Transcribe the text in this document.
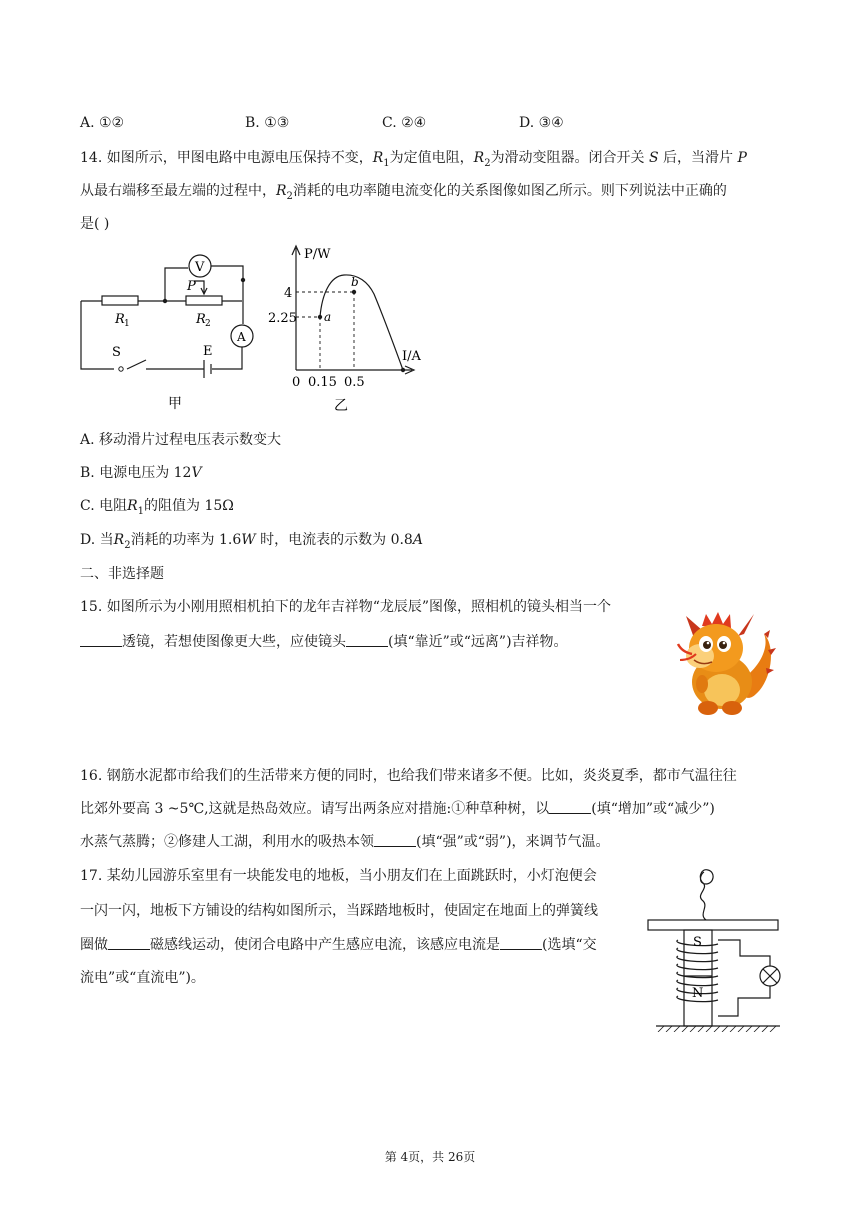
A. ①②	B. ①③	C. ②④	D. ③④
14. 如图所示，甲图电路中电源电压保持不变，$R_1$为定值电阻，$R_2$为滑动变阻器。闭合开关 S 后，当滑片 P
从最右端移至最左端的过程中，$R_2$消耗的电功率随电流变化的关系图像如图乙所示。则下列说法中正确的
是( )
V
A
P
R 1	R 2
S	E
甲
P/W
I/A
4
2.25
0 0.15 0.5
a
b
乙
A. 移动滑片过程电压表示数变大
B. 电源电压为 12V
C. 电阻$R_1$的阻值为 15Ω
D. 当$R_2$消耗的功率为 1.6W 时，电流表的示数为 0.8A
二、非选择题
15. 如图所示为小刚用照相机拍下的龙年吉祥物“龙辰辰”图像，照相机的镜头相当一个
透镜，若想使图像更大些，应使镜头	(填“靠近”或“远离”)吉祥物。
16. 钢筋水泥都市给我们的生活带来方便的同时，也给我们带来诸多不便。比如，炎炎夏季，都市气温往往
比郊外要高 3 ~5℃,这就是热岛效应。请写出两条应对措施:①种草种树，以	(填“增加”或“减少”)
水蒸气蒸腾；②修建人工湖，利用水的吸热本领	(填“强”或“弱”)，来调节气温。
17. 某幼儿园游乐室里有一块能发电的地板，当小朋友们在上面跳跃时，小灯泡便会
一闪一闪，地板下方铺设的结构如图所示，当踩踏地板时，使固定在地面上的弹簧线
圈做	磁感线运动，使闭合电路中产生感应电流，该感应电流是	(选填“交
流电”或“直流电”)。
S
N
第 4页，共 26页
